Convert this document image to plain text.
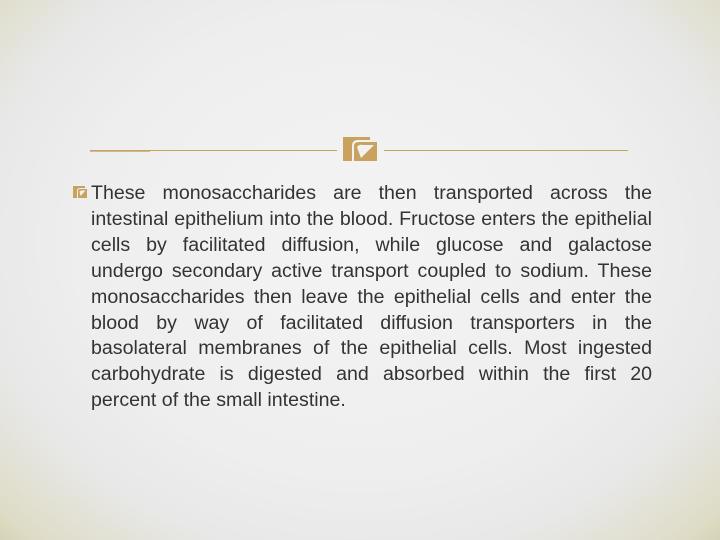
These monosaccharides are then transported across the intestinal epithelium into the blood. Fructose enters the epithelial cells by facilitated diffusion, while glucose and galactose undergo secondary active transport coupled to sodium. These monosaccharides then leave the epithelial cells and enter the blood by way of facilitated diffusion transporters in the basolateral membranes of the epithelial cells. Most ingested carbohydrate is digested and absorbed within the first 20 percent of the small intestine.
